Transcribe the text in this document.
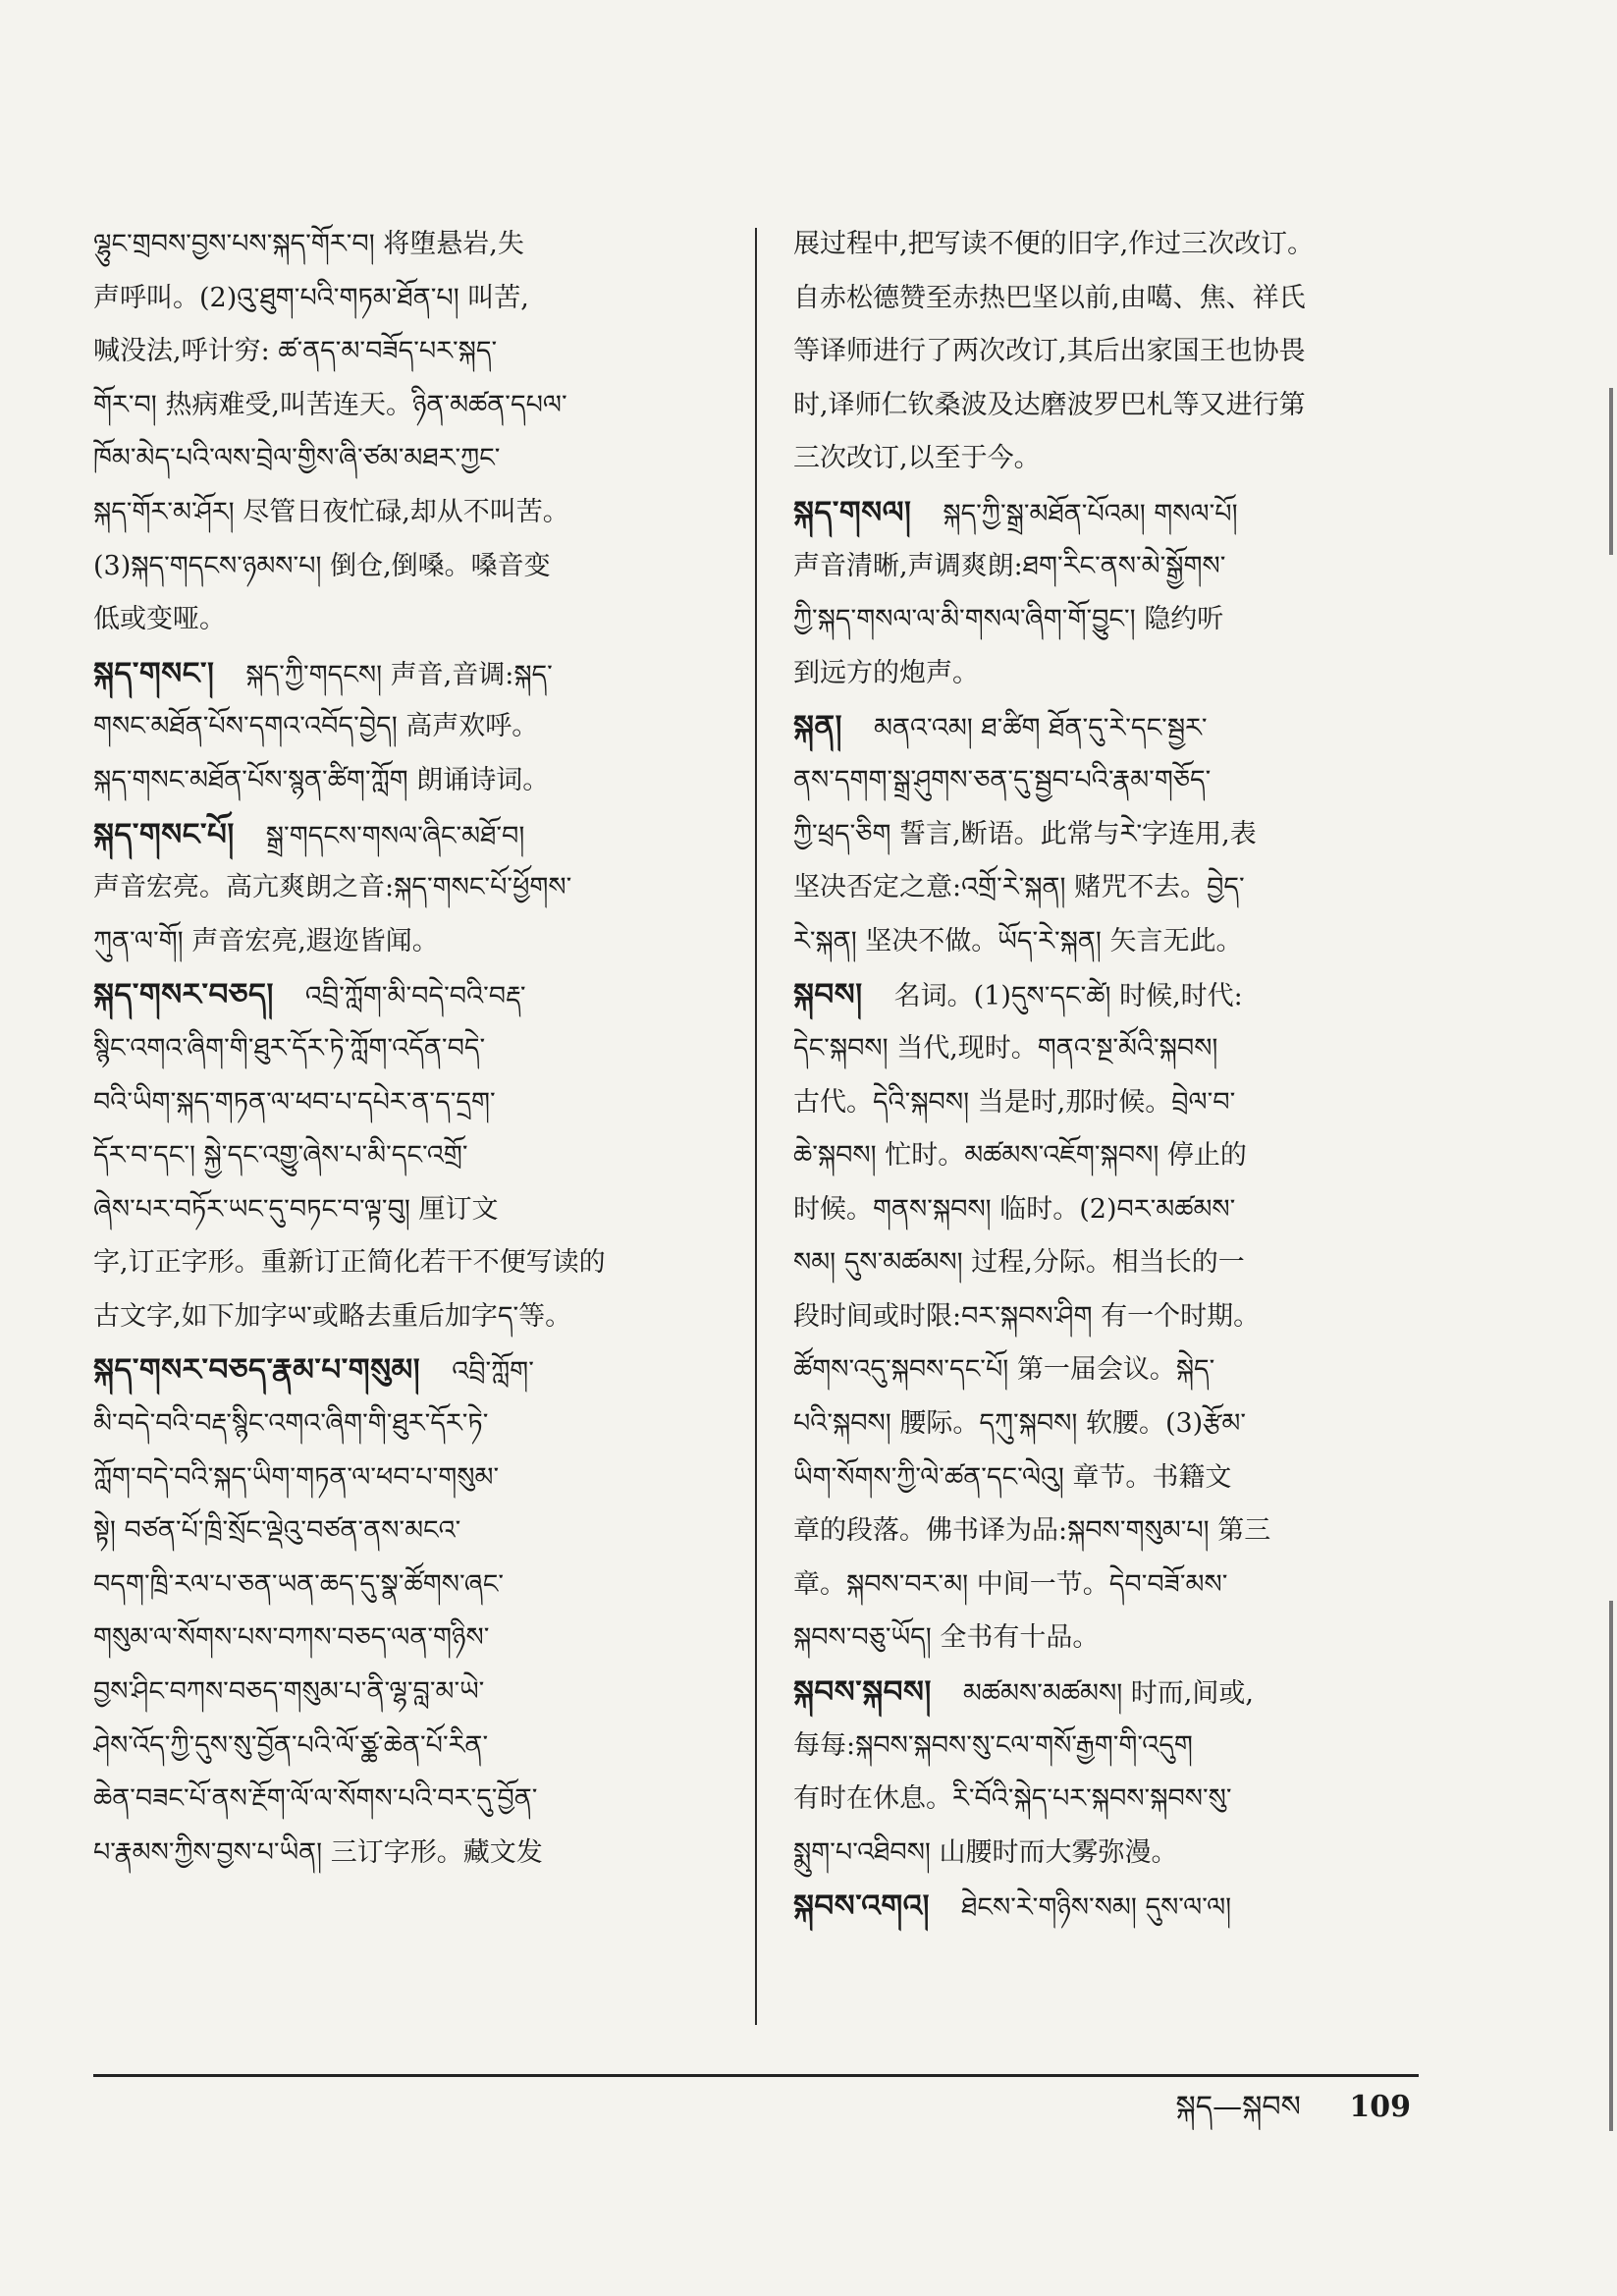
ལྷུང་གྲབས་བྱས་པས་སྐད་གོར་བ། 将堕悬岩,失
声呼叫。(2)འུ་ཐུག་པའི་གཏམ་ཐོན་པ། 叫苦,
喊没法,呼计穷: ཚ་ནད་མ་བཟོད་པར་སྐད་
གོར་བ། 热病难受,叫苦连天。ཉིན་མཚན་དཔལ་
ཁོམ་མེད་པའི་ལས་བྲེལ་གྱིས་ཞི་ཙམ་མཐར་ཀྱང་
སྐད་གོར་མ་ཤོར། 尽管日夜忙碌,却从不叫苦。
(3)སྐད་གདངས་ཉམས་པ། 倒仓,倒嗓。嗓音变
低或变哑。
སྐད་གསང་། སྐད་ཀྱི་གདངས། 声音,音调:སྐད་
གསང་མཐོན་པོས་དགའ་འབོད་བྱེད། 高声欢呼。
སྐད་གསང་མཐོན་པོས་སྙན་ཚིག་ཀློག 朗诵诗词。
སྐད་གསང་པོ། སྒྲ་གདངས་གསལ་ཞིང་མཐོ་བ།
声音宏亮。高亢爽朗之音:སྐད་གསང་པོ་ཕྱོགས་
ཀུན་ལ་གོ། 声音宏亮,遐迩皆闻。
སྐད་གསར་བཅད། འབྲི་ཀློག་མི་བདེ་བའི་བརྡ་
སྙིང་འགའ་ཞིག་གི་ཐུར་དོར་ཏེ་ཀློག་འདོན་བདེ་
བའི་ཡིག་སྐད་གཏན་ལ་ཕབ་པ་དཔེར་ན་ད་དྲག་
དོར་བ་དང་། སྐྱེ་དང་འགྱུ་ཞེས་པ་མི་དང་འགྲོ་
ཞེས་པར་བཏོར་ཡང་དུ་བཏང་བ་ལྟ་བུ། 厘订文
字,订正字形。重新订正简化若干不便写读的
古文字,如下加字ཡ་或略去重后加字ད་等。
སྐད་གསར་བཅད་རྣམ་པ་གསུམ། འབྲི་ཀློག་
མི་བདེ་བའི་བརྡ་སྙིང་འགའ་ཞིག་གི་ཐུར་དོར་ཏེ་
ཀློག་བདེ་བའི་སྐད་ཡིག་གཏན་ལ་ཕབ་པ་གསུམ་
སྟེ། བཙན་པོ་ཁྲི་སྲོང་ལྡེའུ་བཙན་ནས་མངའ་
བདག་ཁྲི་རལ་པ་ཅན་ཡན་ཆད་དུ་སྣ་ཚོགས་ཞང་
གསུམ་ལ་སོགས་པས་བཀས་བཅད་ལན་གཉིས་
བྱས་ཤིང་བཀས་བཅད་གསུམ་པ་ནི་ལྷ་བླ་མ་ཡེ་
ཤེས་འོད་ཀྱི་དུས་སུ་བྱོན་པའི་ལོ་ཙྪ་ཆེན་པོ་རིན་
ཆེན་བཟང་པོ་ནས་རྔོག་ལོ་ལ་སོགས་པའི་བར་དུ་བྱོན་
པ་རྣམས་ཀྱིས་བྱས་པ་ཡིན། 三订字形。藏文发
展过程中,把写读不便的旧字,作过三次改订。
自赤松德赞至赤热巴坚以前,由噶、焦、祥氏
等译师进行了两次改订,其后出家国王也协畏
时,译师仁钦桑波及达磨波罗巴札等又进行第
三次改订,以至于今。
སྐད་གསལ། སྐད་ཀྱི་སྒྲ་མཐོན་པོའམ། གསལ་པོ།
声音清晰,声调爽朗:ཐག་རིང་ནས་མེ་སྒྱོགས་
ཀྱི་སྐད་གསལ་ལ་མི་གསལ་ཞིག་གོ་བྱུང་། 隐约听
到远方的炮声。
སྐན། མནའ་འམ། ཐ་ཚིག ཐོན་དུ་རེ་དང་སྦྱར་
ནས་དགག་སྒྲ་ཤུགས་ཅན་དུ་སྦྱབ་པའི་རྣམ་གཅོད་
ཀྱི་ཕྲད་ཅིག 誓言,断语。此常与རེ་字连用,表
坚决否定之意:འགྲོ་རེ་སྐན། 赌咒不去。བྱེད་
རེ་སྐན། 坚决不做。ཡོད་རེ་སྐན། 矢言无此。
སྐབས། 名词。(1)དུས་དང་ཚེ། 时候,时代:
དེང་སྐབས། 当代,现时。གནའ་སྔ་མོའི་སྐབས།
古代。དེའི་སྐབས། 当是时,那时候。བྲེལ་བ་
ཆེ་སྐབས། 忙时。མཚམས་འཇོག་སྐབས། 停止的
时候。གནས་སྐབས། 临时。(2)བར་མཚམས་
སམ། དུས་མཚམས། 过程,分际。相当长的一
段时间或时限:བར་སྐབས་ཤིག 有一个时期。
ཚོགས་འདུ་སྐབས་དང་པོ། 第一届会议。སྐེད་
པའི་སྐབས། 腰际。དཀུ་སྐབས། 软腰。(3)རྩོམ་
ཡིག་སོགས་ཀྱི་ལེ་ཚན་དང་ལེའུ། 章节。书籍文
章的段落。佛书译为品:སྐབས་གསུམ་པ། 第三
章。སྐབས་བར་མ། 中间一节。དེབ་བཟོ་མས་
སྐབས་བཅུ་ཡོད། 全书有十品。
སྐབས་སྐབས། མཚམས་མཚམས། 时而,间或,
每每:སྐབས་སྐབས་སུ་ངལ་གསོ་རྒྱག་གི་འདུག
有时在休息。རི་བོའི་སྐེད་པར་སྐབས་སྐབས་སུ་
སྨུག་པ་འཐིབས། 山腰时而大雾弥漫。
སྐབས་འགའ། ཐེངས་རེ་གཉིས་སམ། དུས་ལ་ལ།
སྐད—སྐབས 109
